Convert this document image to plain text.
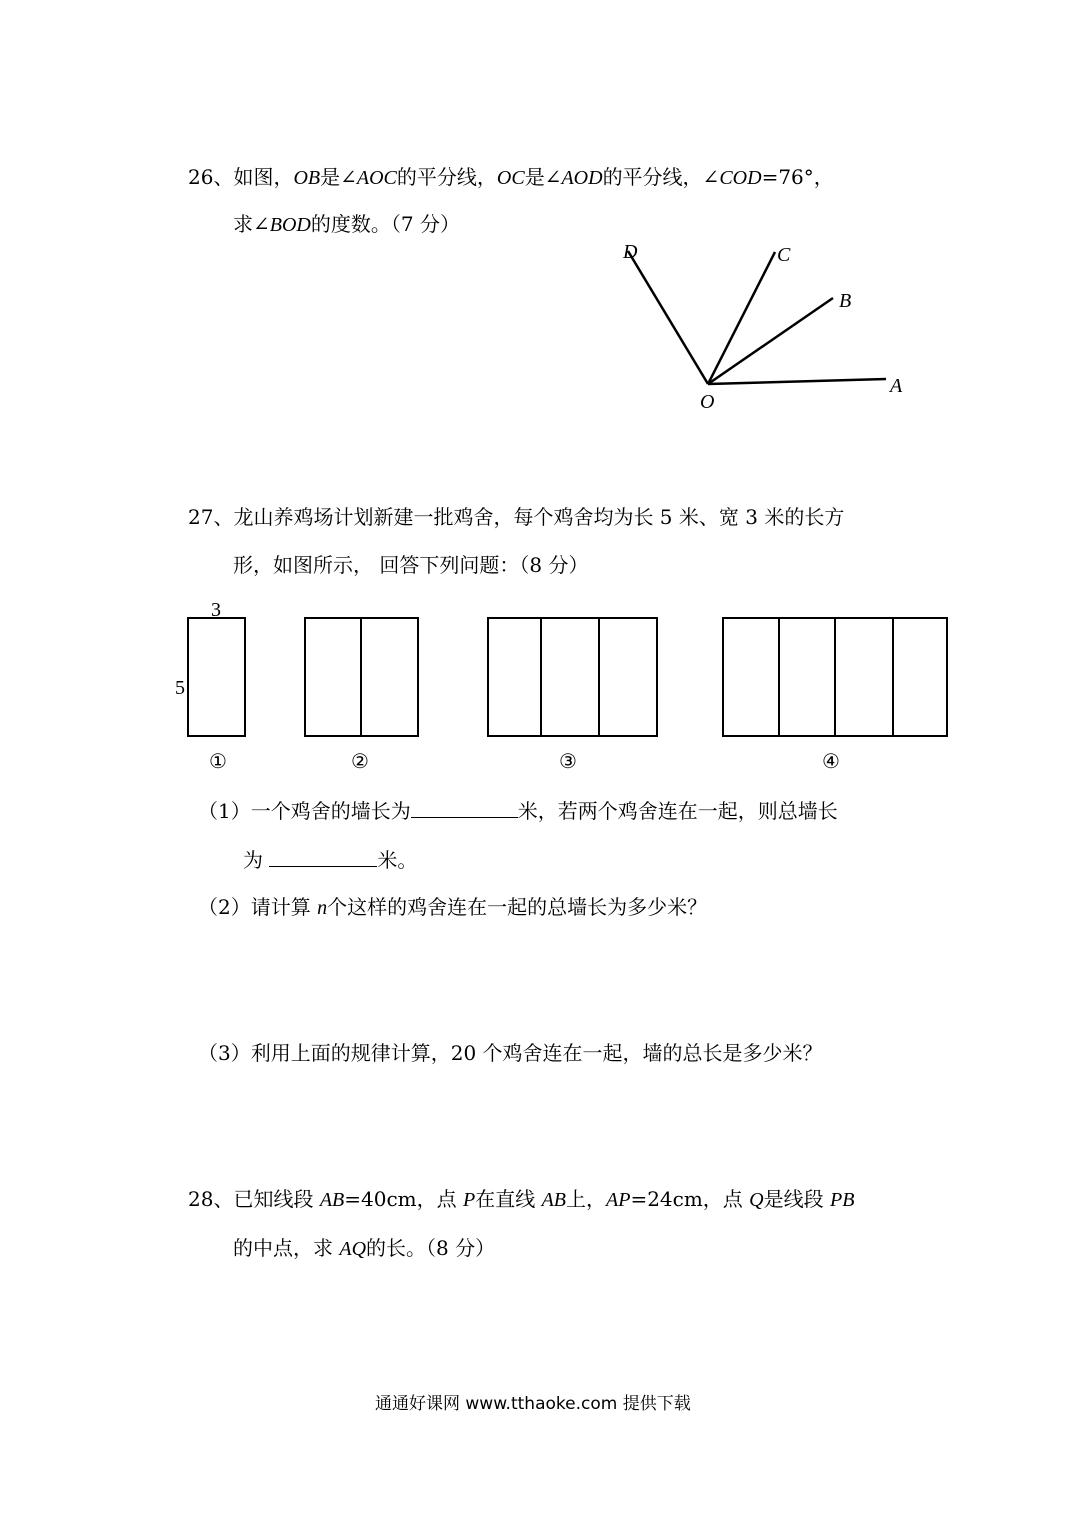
26、如图，OB是∠AOC的平分线，OC是∠AOD的平分线，∠COD=76°，
求∠BOD的度数。（7 分）
D	C
B
A
O
3
5
①	②	③	④
27、龙山养鸡场计划新建一批鸡舍，每个鸡舍均为长 5 米、宽 3 米的长方
形，如图所示， 回答下列问题：（8 分）
（1）一个鸡舍的墙长为	米，若两个鸡舍连在一起，则总墙长
为	米。
（2）请计算 n个这样的鸡舍连在一起的总墙长为多少米？
（3）利用上面的规律计算，20 个鸡舍连在一起，墙的总长是多少米？
28、已知线段 AB=40cm，点 P在直线 AB上，AP=24cm，点 Q是线段 PB
的中点，求 AQ的长。（8 分）
通通好课网 www.tthaoke.com 提供下载
